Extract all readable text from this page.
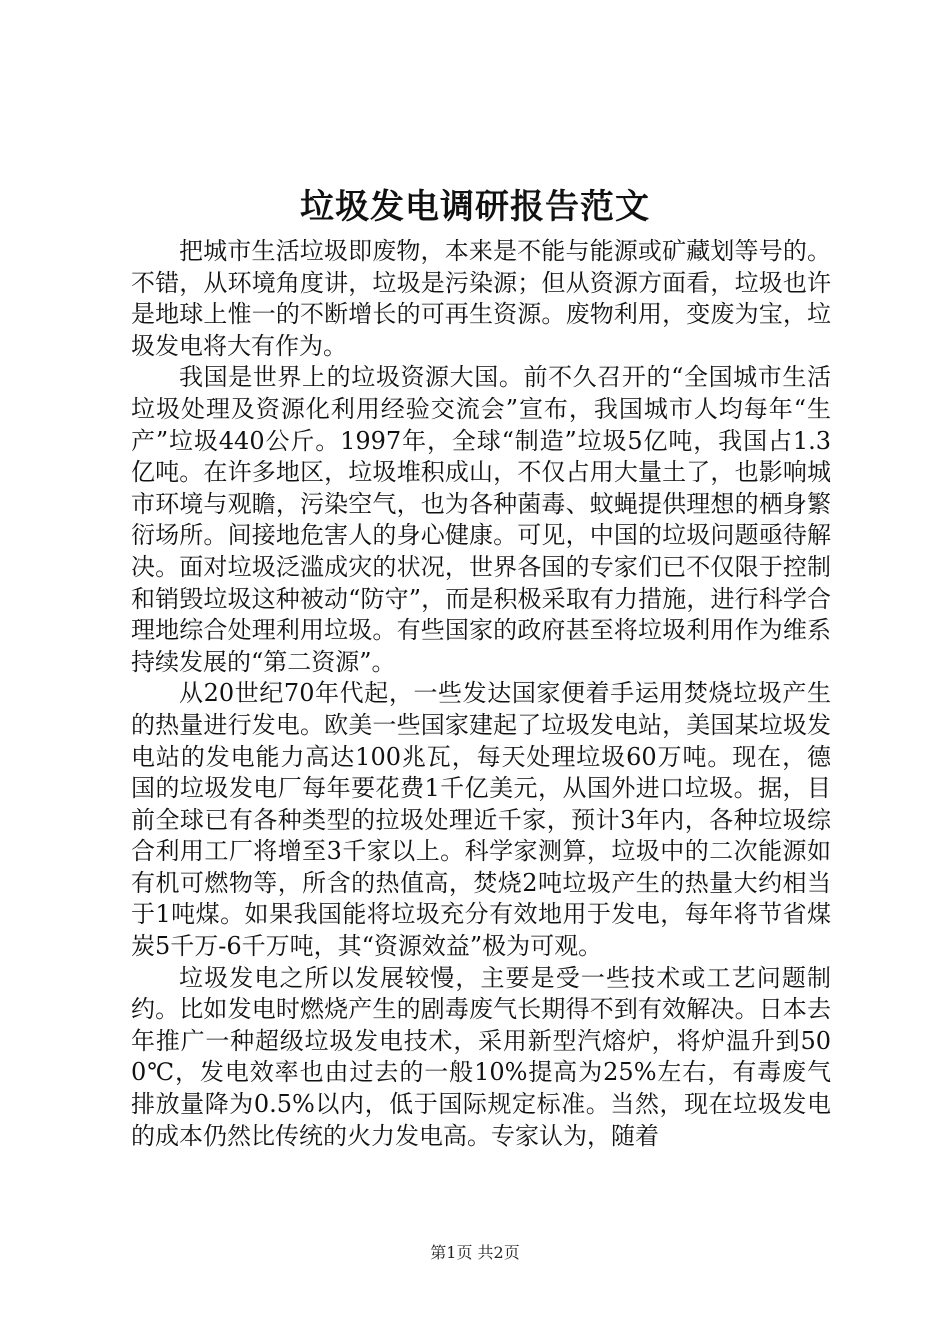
垃圾发电调研报告范文

把城市生活垃圾即废物，本来是不能与能源或矿藏划等号的。不错，从环境角度讲，垃圾是污染源；但从资源方面看，垃圾也许是地球上惟一的不断增长的可再生资源。废物利用，变废为宝，垃圾发电将大有作为。

我国是世界上的垃圾资源大国。前不久召开的“全国城市生活垃圾处理及资源化利用经验交流会”宣布，我国城市人均每年“生产”垃圾440公斤。1997年，全球“制造”垃圾5亿吨，我国占1.3亿吨。在许多地区，垃圾堆积成山，不仅占用大量土了，也影响城市环境与观瞻，污染空气，也为各种菌毒、蚊蝇提供理想的栖身繁衍场所。间接地危害人的身心健康。可见，中国的垃圾问题亟待解决。面对垃圾泛滥成灾的状况，世界各国的专家们已不仅限于控制和销毁垃圾这种被动“防守”，而是积极采取有力措施，进行科学合理地综合处理利用垃圾。有些国家的政府甚至将垃圾利用作为维系持续发展的“第二资源”。

从20世纪70年代起，一些发达国家便着手运用焚烧垃圾产生的热量进行发电。欧美一些国家建起了垃圾发电站，美国某垃圾发电站的发电能力高达100兆瓦，每天处理垃圾60万吨。现在，德国的垃圾发电厂每年要花费1千亿美元，从国外进口垃圾。据，目前全球已有各种类型的拉圾处理近千家，预计3年内，各种垃圾综合利用工厂将增至3千家以上。科学家测算，垃圾中的二次能源如有机可燃物等，所含的热值高，焚烧2吨垃圾产生的热量大约相当于1吨煤。如果我国能将垃圾充分有效地用于发电，每年将节省煤炭5千万-6千万吨，其“资源效益”极为可观。

垃圾发电之所以发展较慢，主要是受一些技术或工艺问题制约。比如发电时燃烧产生的剧毒废气长期得不到有效解决。日本去年推广一种超级垃圾发电技术，采用新型汽熔炉，将炉温升到500℃，发电效率也由过去的一般10%提高为25%左右，有毒废气排放量降为0.5%以内，低于国际规定标准。当然，现在垃圾发电的成本仍然比传统的火力发电高。专家认为，随着

第1页 共2页
